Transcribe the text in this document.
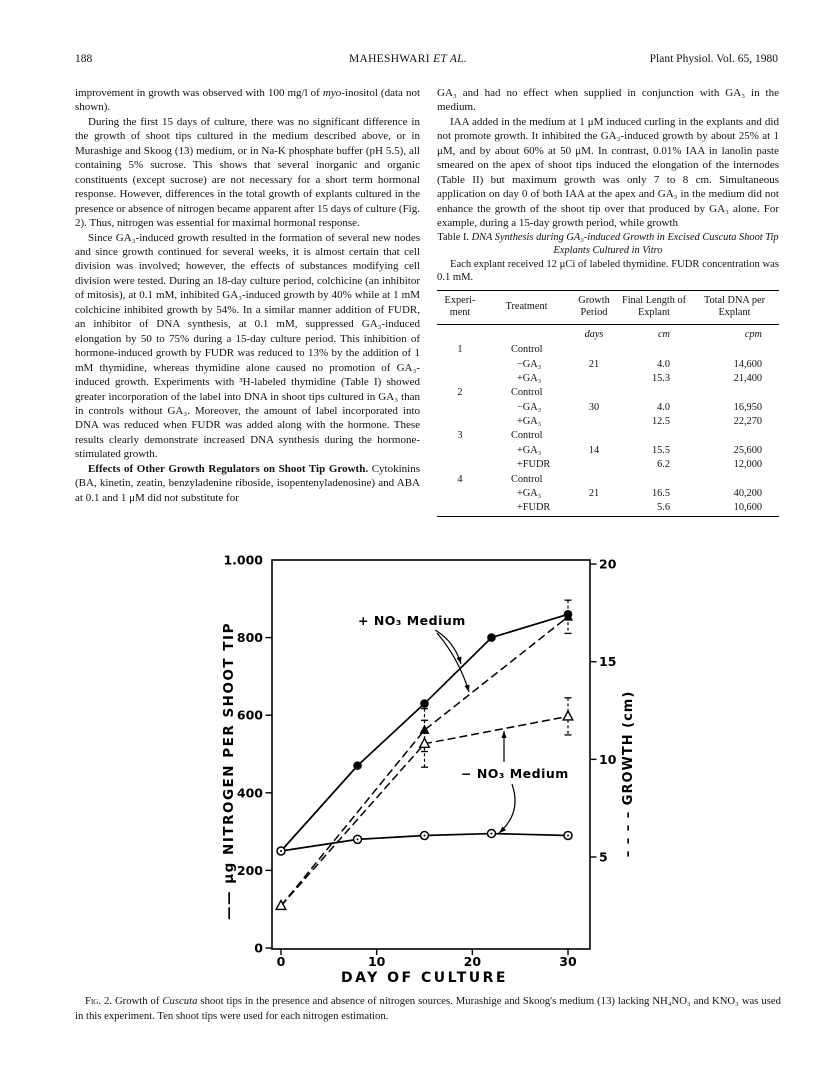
188	MAHESHWARI ET AL.	Plant Physiol. Vol. 65, 1980

improvement in growth was observed with 100 mg/l of myo-inositol (data not shown).

During the first 15 days of culture, there was no significant difference in the growth of shoot tips cultured in the medium described above, or in Murashige and Skoog (13) medium, or in Na-K phosphate buffer (pH 5.5), all containing 5% sucrose. This shows that several inorganic and organic constituents (except sucrose) are not necessary for a short term hormonal response. However, differences in the total growth of explants cultured in the presence or absence of nitrogen became apparent after 15 days of culture (Fig. 2). Thus, nitrogen was essential for maximal hormonal response.

Since GA₃-induced growth resulted in the formation of several new nodes and since growth continued for several weeks, it is almost certain that cell division was involved; however, the effects of substances modifying cell division were tested. During an 18-day culture period, colchicine (an inhibitor of mitosis), at 0.1 mM, inhibited GA₃-induced growth by 40% while at 1 mM colchicine inhibited growth by 54%. In a similar manner addition of FUDR, an inhibitor of DNA synthesis, at 0.1 mM, suppressed GA₃-induced elongation by 50 to 75% during a 15-day culture period. This inhibition of hormone-induced growth by FUDR was reduced to 13% by the addition of 1 mM thymidine, whereas thymidine alone caused no promotion of GA₃-induced growth. Experiments with ³H-labeled thymidine (Table I) showed greater incorporation of the label into DNA in shoot tips cultured in GA₃ than in controls without GA₃. Moreover, the amount of label incorporated into DNA was reduced when FUDR was added along with the hormone. These results clearly demonstrate increased DNA synthesis during the hormone-stimulated growth.

Effects of Other Growth Regulators on Shoot Tip Growth. Cytokinins (BA, kinetin, zeatin, benzyladenine riboside, isopentenyladenosine) and ABA at 0.1 and 1 μM did not substitute for

GA₃ and had no effect when supplied in conjunction with GA₃ in the medium.

IAA added in the medium at 1 μM induced curling in the explants and did not promote growth. It inhibited the GA₃-induced growth by about 25% at 1 μM, and by about 60% at 50 μM. In contrast, 0.01% IAA in lanolin paste smeared on the apex of shoot tips induced the elongation of the internodes (Table II) but maximum growth was only 7 to 8 cm. Simultaneous application on day 0 of both IAA at the apex and GA₃ in the medium did not enhance the growth of the shoot tip over that produced by GA₃ alone. For example, during a 15-day growth period, while growth

Table I. DNA Synthesis during GA₃-induced Growth in Excised Cuscuta Shoot Tip Explants Cultured in Vitro

Each explant received 12 μCi of labeled thymidine. FUDR concentration was 0.1 mM.

Experi- ment	Treatment	Growth Period	Final Length of Explant	Total DNA per Explant
		days	cm	cpm
1	Control			
	−GA₃	21	4.0	14,600
	+GA₃		15.3	21,400
2	Control			
	−GA₃	30	4.0	16,950
	+GA₃		12.5	22,270
3	Control			
	+GA₃	14	15.5	25,600
	+FUDR		6.2	12,000
4	Control			
	+GA₃	21	16.5	40,200
	+FUDR		5.6	10,600
0
200
400
600
800
1.000
5
10
15
20
0	10	20	30
—— μg NITROGEN PER SHOOT TIP	– – – – GROWTH (cm)
DAY OF CULTURE
+ NO₃ Medium
− NO₃ Medium

Fig. 2. Growth of Cuscuta shoot tips in the presence and absence of nitrogen sources. Murashige and Skoog's medium (13) lacking NH₄NO₃ and KNO₃ was used in this experiment. Ten shoot tips were used for each nitrogen estimation.
